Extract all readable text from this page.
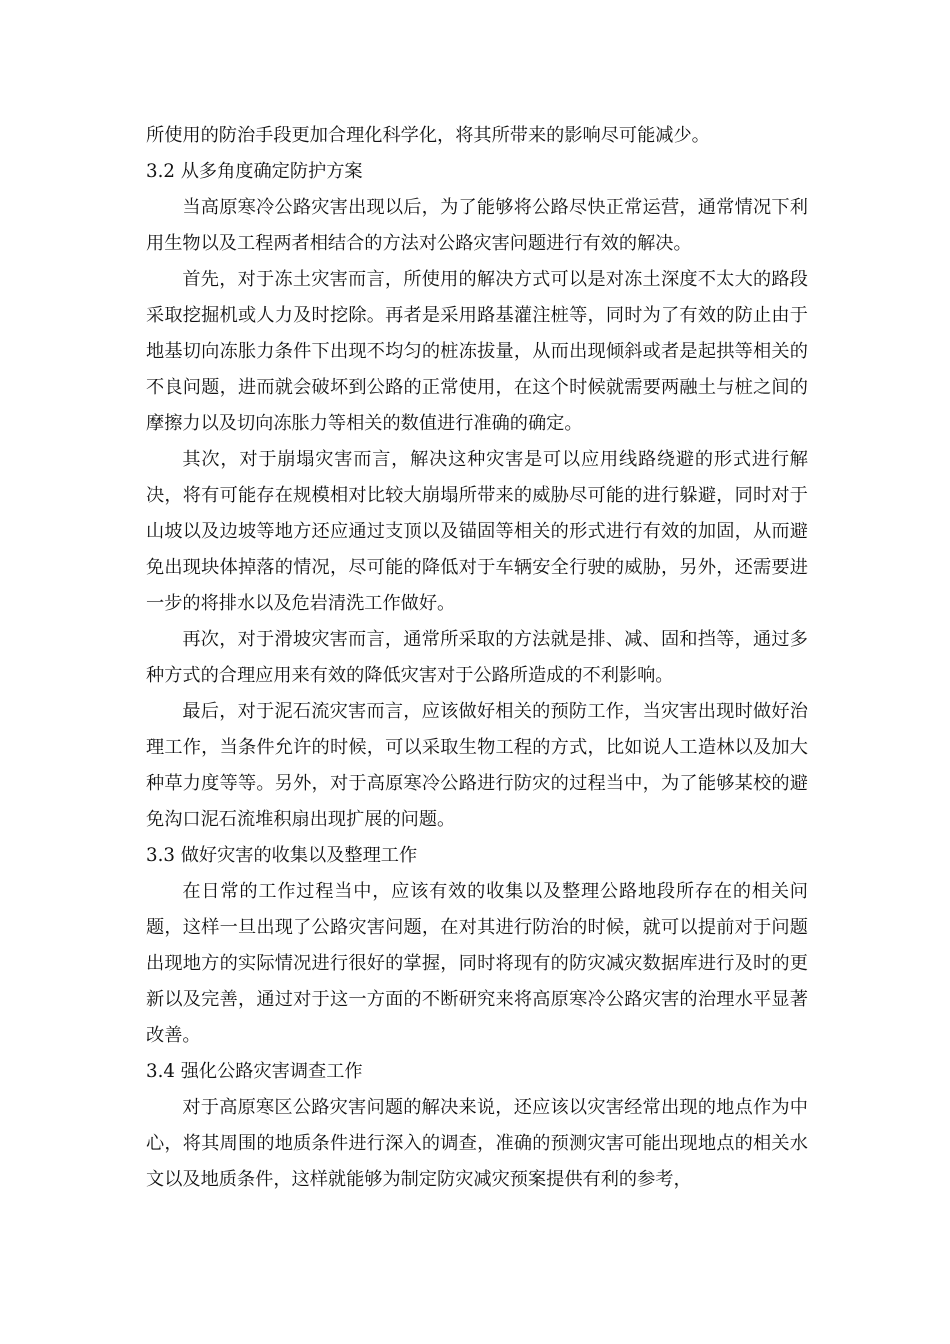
所使用的防治手段更加合理化科学化，将其所带来的影响尽可能减少。

3.2 从多角度确定防护方案

当高原寒冷公路灾害出现以后，为了能够将公路尽快正常运营，通常情况下利用生物以及工程两者相结合的方法对公路灾害问题进行有效的解决。

首先，对于冻土灾害而言，所使用的解决方式可以是对冻土深度不太大的路段采取挖掘机或人力及时挖除。再者是采用路基灌注桩等，同时为了有效的防止由于地基切向冻胀力条件下出现不均匀的桩冻拔量，从而出现倾斜或者是起拱等相关的不良问题，进而就会破坏到公路的正常使用，在这个时候就需要两融土与桩之间的摩擦力以及切向冻胀力等相关的数值进行准确的确定。

其次，对于崩塌灾害而言，解决这种灾害是可以应用线路绕避的形式进行解决，将有可能存在规模相对比较大崩塌所带来的威胁尽可能的进行躲避，同时对于山坡以及边坡等地方还应通过支顶以及锚固等相关的形式进行有效的加固，从而避免出现块体掉落的情况，尽可能的降低对于车辆安全行驶的威胁，另外，还需要进一步的将排水以及危岩清洗工作做好。

再次，对于滑坡灾害而言，通常所采取的方法就是排、减、固和挡等，通过多种方式的合理应用来有效的降低灾害对于公路所造成的不利影响。

最后，对于泥石流灾害而言，应该做好相关的预防工作，当灾害出现时做好治理工作，当条件允许的时候，可以采取生物工程的方式，比如说人工造林以及加大种草力度等等。另外，对于高原寒冷公路进行防灾的过程当中，为了能够某校的避免沟口泥石流堆积扇出现扩展的问题。

3.3 做好灾害的收集以及整理工作

在日常的工作过程当中，应该有效的收集以及整理公路地段所存在的相关问题，这样一旦出现了公路灾害问题，在对其进行防治的时候，就可以提前对于问题出现地方的实际情况进行很好的掌握，同时将现有的防灾减灾数据库进行及时的更新以及完善，通过对于这一方面的不断研究来将高原寒冷公路灾害的治理水平显著改善。

3.4 强化公路灾害调查工作

对于高原寒区公路灾害问题的解决来说，还应该以灾害经常出现的地点作为中心，将其周围的地质条件进行深入的调查，准确的预测灾害可能出现地点的相关水文以及地质条件，这样就能够为制定防灾减灾预案提供有利的参考，
